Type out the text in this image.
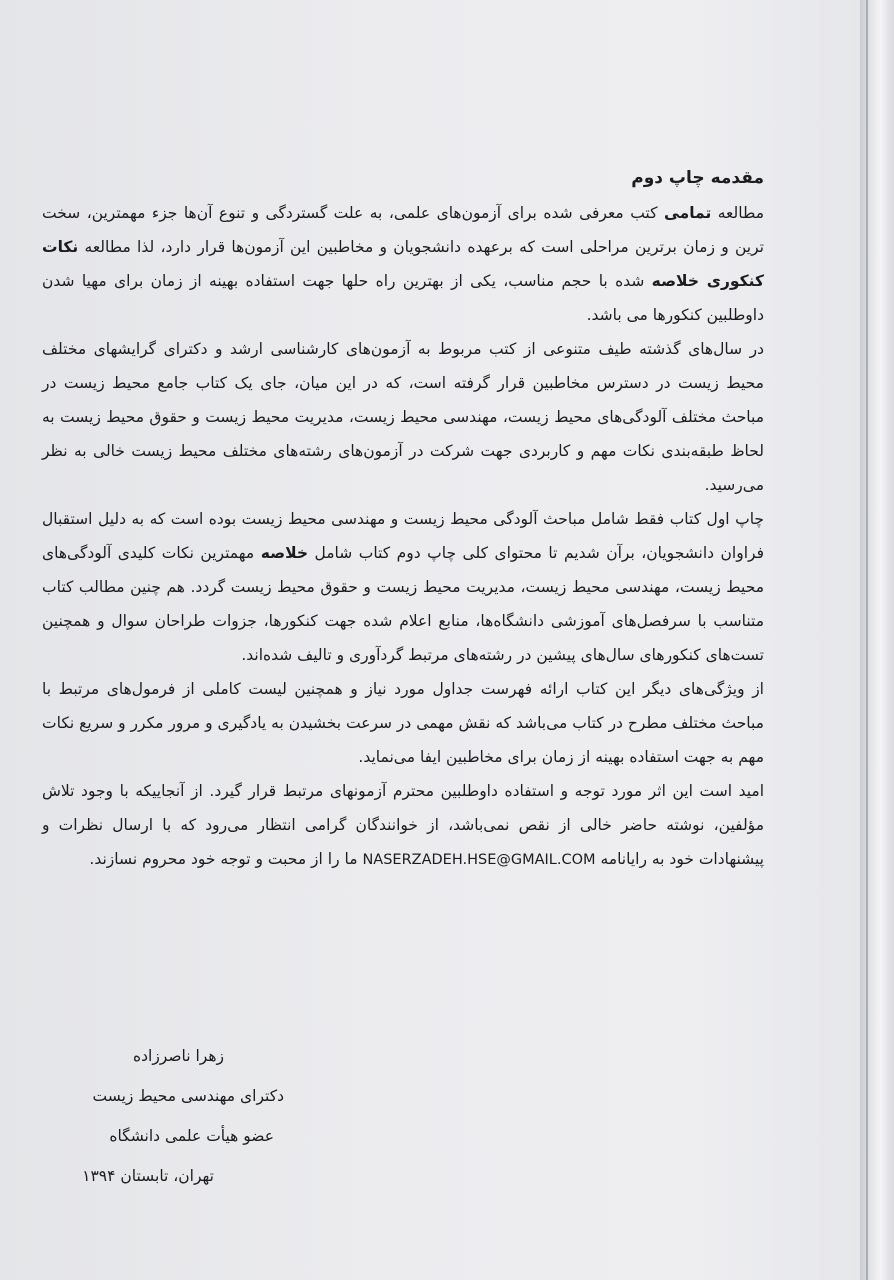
مقدمه چاپ دوم

مطالعه تمامی کتب معرفی شده برای آزمون‌های علمی، به علت گستردگی و تنوع آن‌ها جزء مهمترین، سخت ترین و زمان برترین مراحلی است که برعهده دانشجویان و مخاطبین این آزمون‌ها قرار دارد، لذا مطالعه نکات کنکوری خلاصه شده با حجم مناسب، یکی از بهترین راه حلها جهت استفاده بهینه از زمان برای مهیا شدن داوطلبین کنکورها می باشد.

در سال‌های گذشته طیف متنوعی از کتب مربوط به آزمون‌های کارشناسی ارشد و دکترای گرایشهای مختلف محیط زیست در دسترس مخاطبین قرار گرفته است، که در این میان، جای یک کتاب جامع محیط زیست در مباحث مختلف آلودگی‌های محیط زیست، مهندسی محیط زیست، مدیریت محیط زیست و حقوق محیط زیست به لحاظ طبقه‌بندی نکات مهم و کاربردی جهت شرکت در آزمون‌های رشته‌های مختلف محیط زیست خالی به نظر می‌رسید.

چاپ اول کتاب فقط شامل مباحث آلودگی محیط زیست و مهندسی محیط زیست بوده است که به دلیل استقبال فراوان دانشجویان، برآن شدیم تا محتوای کلی چاپ دوم کتاب شامل خلاصه مهمترین نکات کلیدی آلودگی‌های محیط زیست، مهندسی محیط زیست، مدیریت محیط زیست و حقوق محیط زیست گردد. هم چنین مطالب کتاب متناسب با سرفصل‌های آموزشی دانشگاه‌ها، منابع اعلام شده جهت کنکورها، جزوات طراحان سوال و همچنین تست‌های کنکورهای سال‌های پیشین در رشته‌های مرتبط گردآوری و تالیف شده‌اند.

از ویژگی‌های دیگر این کتاب ارائه فهرست جداول مورد نیاز و همچنین لیست کاملی از فرمول‌های مرتبط با مباحث مختلف مطرح در کتاب می‌باشد که نقش مهمی در سرعت بخشیدن به یادگیری و مرور مکرر و سریع نکات مهم به جهت استفاده بهینه از زمان برای مخاطبین ایفا می‌نماید.

امید است این اثر مورد توجه و استفاده داوطلبین محترم آزمونهای مرتبط قرار گیرد. از آنجاییکه با وجود تلاش مؤلفین، نوشته حاضر خالی از نقص نمی‌باشد، از خوانندگان گرامی انتظار می‌رود که با ارسال نظرات و پیشنهادات خود به رایانامه NASERZADEH.HSE@GMAIL.COM ما را از محبت و توجه خود محروم نسازند.

زهرا ناصرزاده
دکترای مهندسی محیط زیست
عضو هیأت علمی دانشگاه
تهران، تابستان ۱۳۹۴
